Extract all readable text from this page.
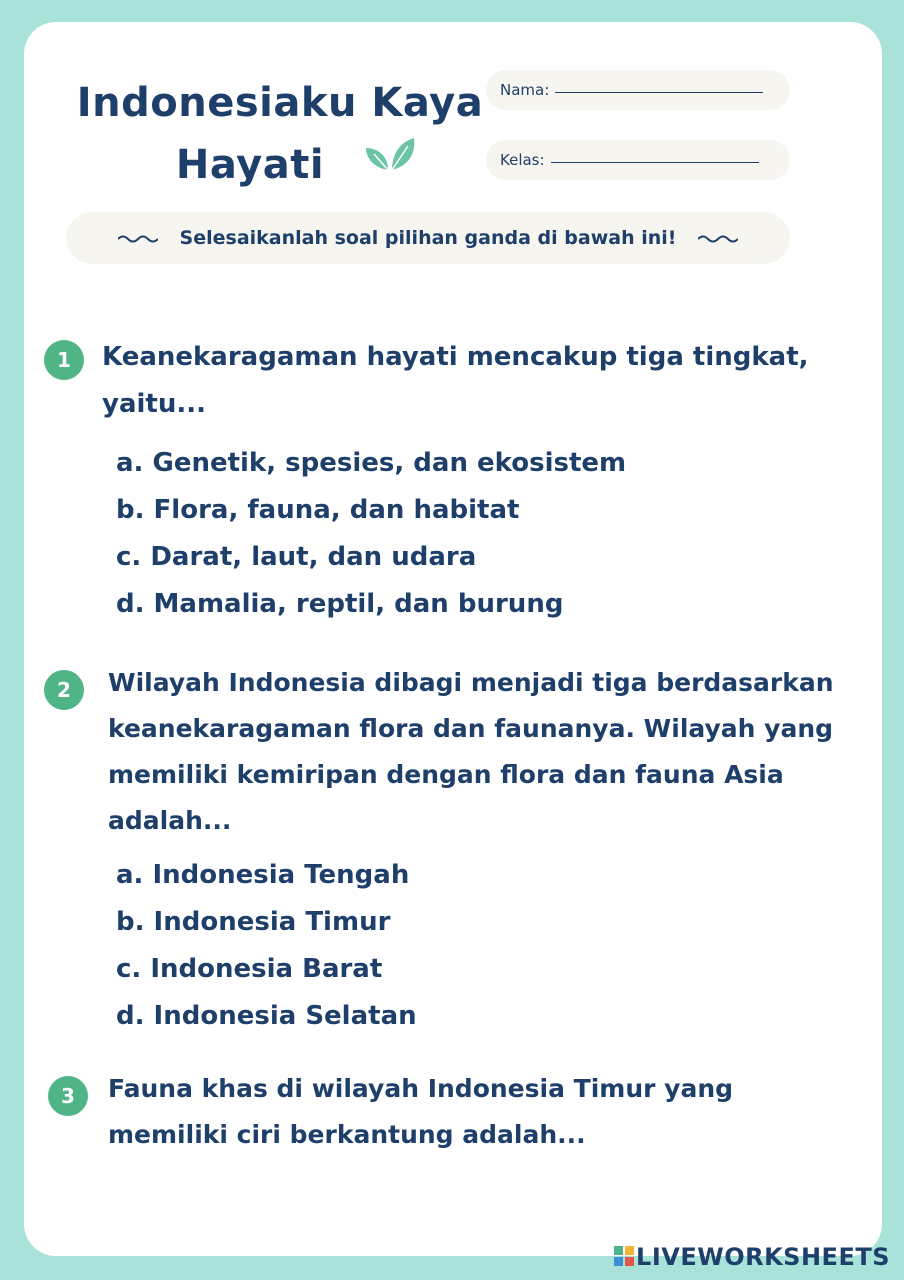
Indonesiaku Kaya
Hayati
Nama:
Kelas:
Selesaikanlah soal pilihan ganda di bawah ini!
1	Keanekaragaman hayati mencakup tiga tingkat,
yaitu...
a. Genetik, spesies, dan ekosistem
b. Flora, fauna, dan habitat
c. Darat, laut, dan udara
d. Mamalia, reptil, dan burung
2	Wilayah Indonesia dibagi menjadi tiga berdasarkan
keanekaragaman flora dan faunanya. Wilayah yang
memiliki kemiripan dengan flora dan fauna Asia
adalah...
a. Indonesia Tengah
b. Indonesia Timur
c. Indonesia Barat
d. Indonesia Selatan
3	Fauna khas di wilayah Indonesia Timur yang
memiliki ciri berkantung adalah...
LIVEWORKSHEETS
